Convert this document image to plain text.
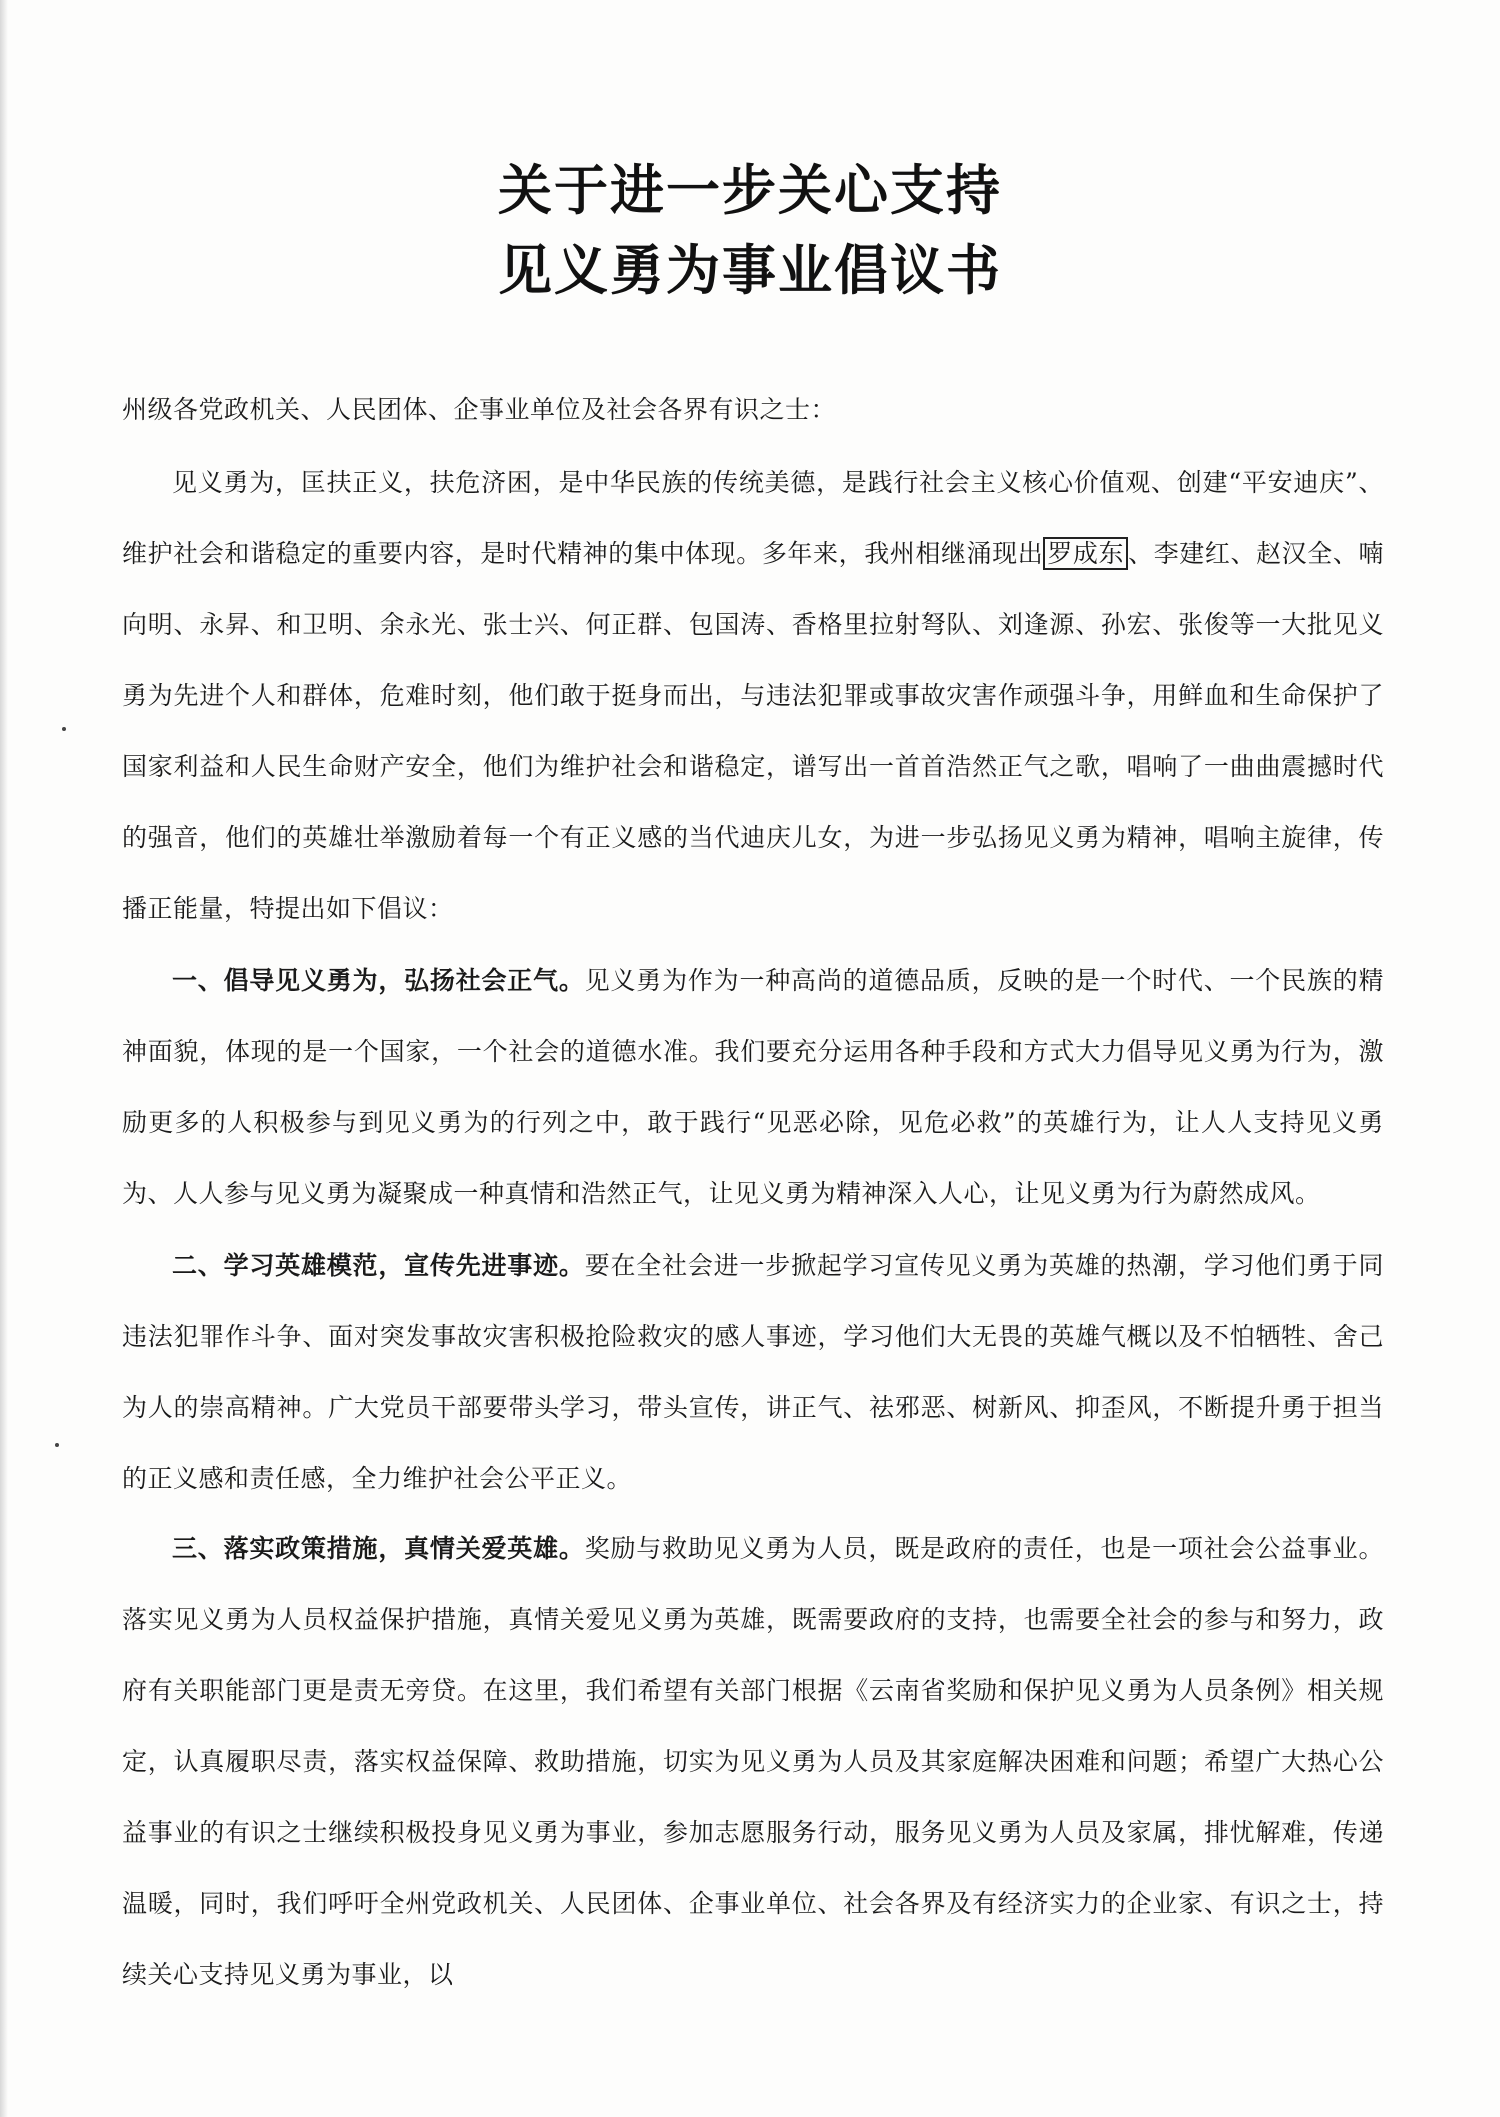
关于进一步关心支持
见义勇为事业倡议书
州级各党政机关、人民团体、企事业单位及社会各界有识之士：
见义勇为，匡扶正义，扶危济困，是中华民族的传统美德，是践行社会主义核心价值观、创建“平安迪庆”、维护社会和谐稳定的重要内容，是时代精神的集中体现。多年来，我州相继涌现出 罗成东 、李建红、赵汉全、喃向明、永昇、和卫明、余永光、张士兴、何正群、包国涛、香格里拉射弩队、刘逢源、孙宏、张俊等一大批见义勇为先进个人和群体，危难时刻，他们敢于挺身而出，与违法犯罪或事故灾害作顽强斗争，用鲜血和生命保护了国家利益和人民生命财产安全，他们为维护社会和谐稳定，谱写出一首首浩然正气之歌，唱响了一曲曲震撼时代的强音，他们的英雄壮举激励着每一个有正义感的当代迪庆儿女，为进一步弘扬见义勇为精神，唱响主旋律，传播正能量，特提出如下倡议：
一、倡导见义勇为，弘扬社会正气。见义勇为作为一种高尚的道德品质，反映的是一个时代、一个民族的精神面貌，体现的是一个国家，一个社会的道德水准。我们要充分运用各种手段和方式大力倡导见义勇为行为，激励更多的人积极参与到见义勇为的行列之中，敢于践行“见恶必除，见危必救”的英雄行为，让人人支持见义勇为、人人参与见义勇为凝聚成一种真情和浩然正气，让见义勇为精神深入人心，让见义勇为行为蔚然成风。
二、学习英雄模范，宣传先进事迹。要在全社会进一步掀起学习宣传见义勇为英雄的热潮，学习他们勇于同违法犯罪作斗争、面对突发事故灾害积极抢险救灾的感人事迹，学习他们大无畏的英雄气概以及不怕牺牲、舍己为人的崇高精神。广大党员干部要带头学习，带头宣传，讲正气、祛邪恶、树新风、抑歪风，不断提升勇于担当的正义感和责任感，全力维护社会公平正义。
三、落实政策措施，真情关爱英雄。奖励与救助见义勇为人员，既是政府的责任，也是一项社会公益事业。落实见义勇为人员权益保护措施，真情关爱见义勇为英雄，既需要政府的支持，也需要全社会的参与和努力，政府有关职能部门更是责无旁贷。在这里，我们希望有关部门根据《云南省奖励和保护见义勇为人员条例》相关规定，认真履职尽责，落实权益保障、救助措施，切实为见义勇为人员及其家庭解决困难和问题；希望广大热心公益事业的有识之士继续积极投身见义勇为事业，参加志愿服务行动，服务见义勇为人员及家属，排忧解难，传递温暖，同时，我们呼吁全州党政机关、人民团体、企事业单位、社会各界及有经济实力的企业家、有识之士，持续关心支持见义勇为事业，以
